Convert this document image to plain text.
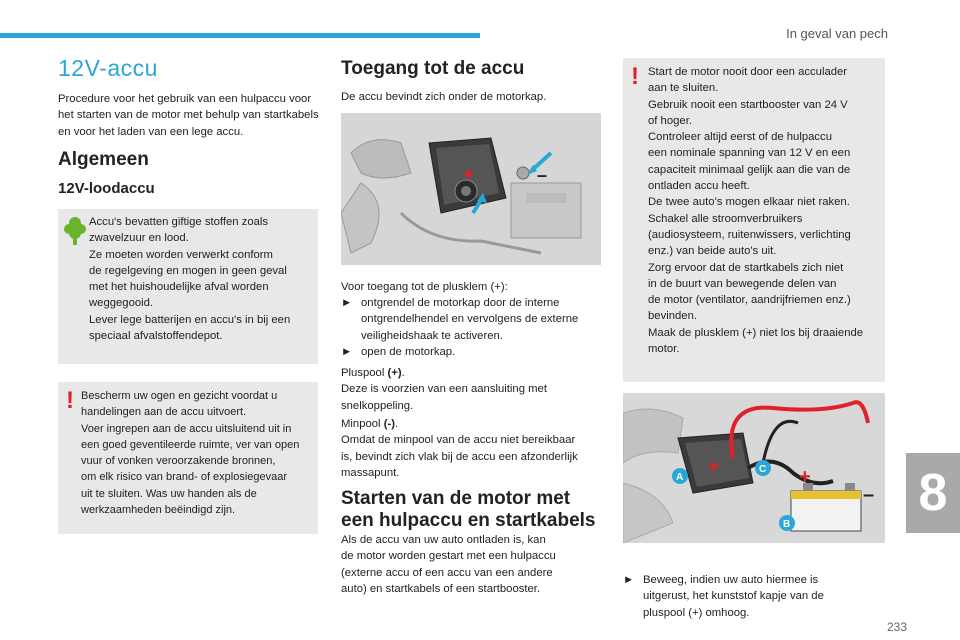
In geval van pech
12V-accu

Procedure voor het gebruik van een hulpaccu voor het starten van de motor met behulp van startkabels en voor het laden van een lege accu.

Algemeen
12V-loodaccu

Accu's bevatten giftige stoffen zoals

zwavelzuur en lood.

Ze moeten worden verwerkt conform

de regelgeving en mogen in geen geval

met het huishoudelijke afval worden

weggegooid.

Lever lege batterijen en accu's in bij een

speciaal afvalstoffendepot.

! Bescherm uw ogen en gezicht voordat u

handelingen aan de accu uitvoert.

Voer ingrepen aan de accu uitsluitend uit in

een goed geventileerde ruimte, ver van open

vuur of vonken veroorzakende bronnen,

om elk risico van brand- of explosiegevaar

uit te sluiten. Was uw handen als de

werkzaamheden beëindigd zijn.

Toegang tot de accu

De accu bevindt zich onder de motorkap.

+	–

Voor toegang tot de plusklem (+):

► ontgrendel de motorkap door de interne

ontgrendelhendel en vervolgens de externe

veiligheidshaak te activeren.

► open de motorkap.

Pluspool (+).

Deze is voorzien van een aansluiting met

snelkoppeling.

Minpool (-).

Omdat de minpool van de accu niet bereikbaar

is, bevindt zich vlak bij de accu een afzonderlijk

massapunt.

Starten van de motor met
een hulpaccu en startkabels

Als de accu van uw auto ontladen is, kan

de motor worden gestart met een hulpaccu

(externe accu of een accu van een andere

auto) en startkabels of een startbooster.

! Start de motor nooit door een acculader

aan te sluiten.

Gebruik nooit een startbooster van 24 V

of hoger.

Controleer altijd eerst of de hulpaccu

een nominale spanning van 12 V en een

capaciteit minimaal gelijk aan die van de

ontladen accu heeft.

De twee auto's mogen elkaar niet raken.

Schakel alle stroomverbruikers

(audiosysteem, ruitenwissers, verlichting

enz.) van beide auto's uit.

Zorg ervoor dat de startkabels zich niet

in de buurt van bewegende delen van

de motor (ventilator, aandrijfriemen enz.)

bevinden.

Maak de plusklem (+) niet los bij draaiende

motor.

+	+
–
A
C
B
► Beweeg, indien uw auto hiermee is

uitgerust, het kunststof kapje van de

pluspool (+) omhoog.

8
233
